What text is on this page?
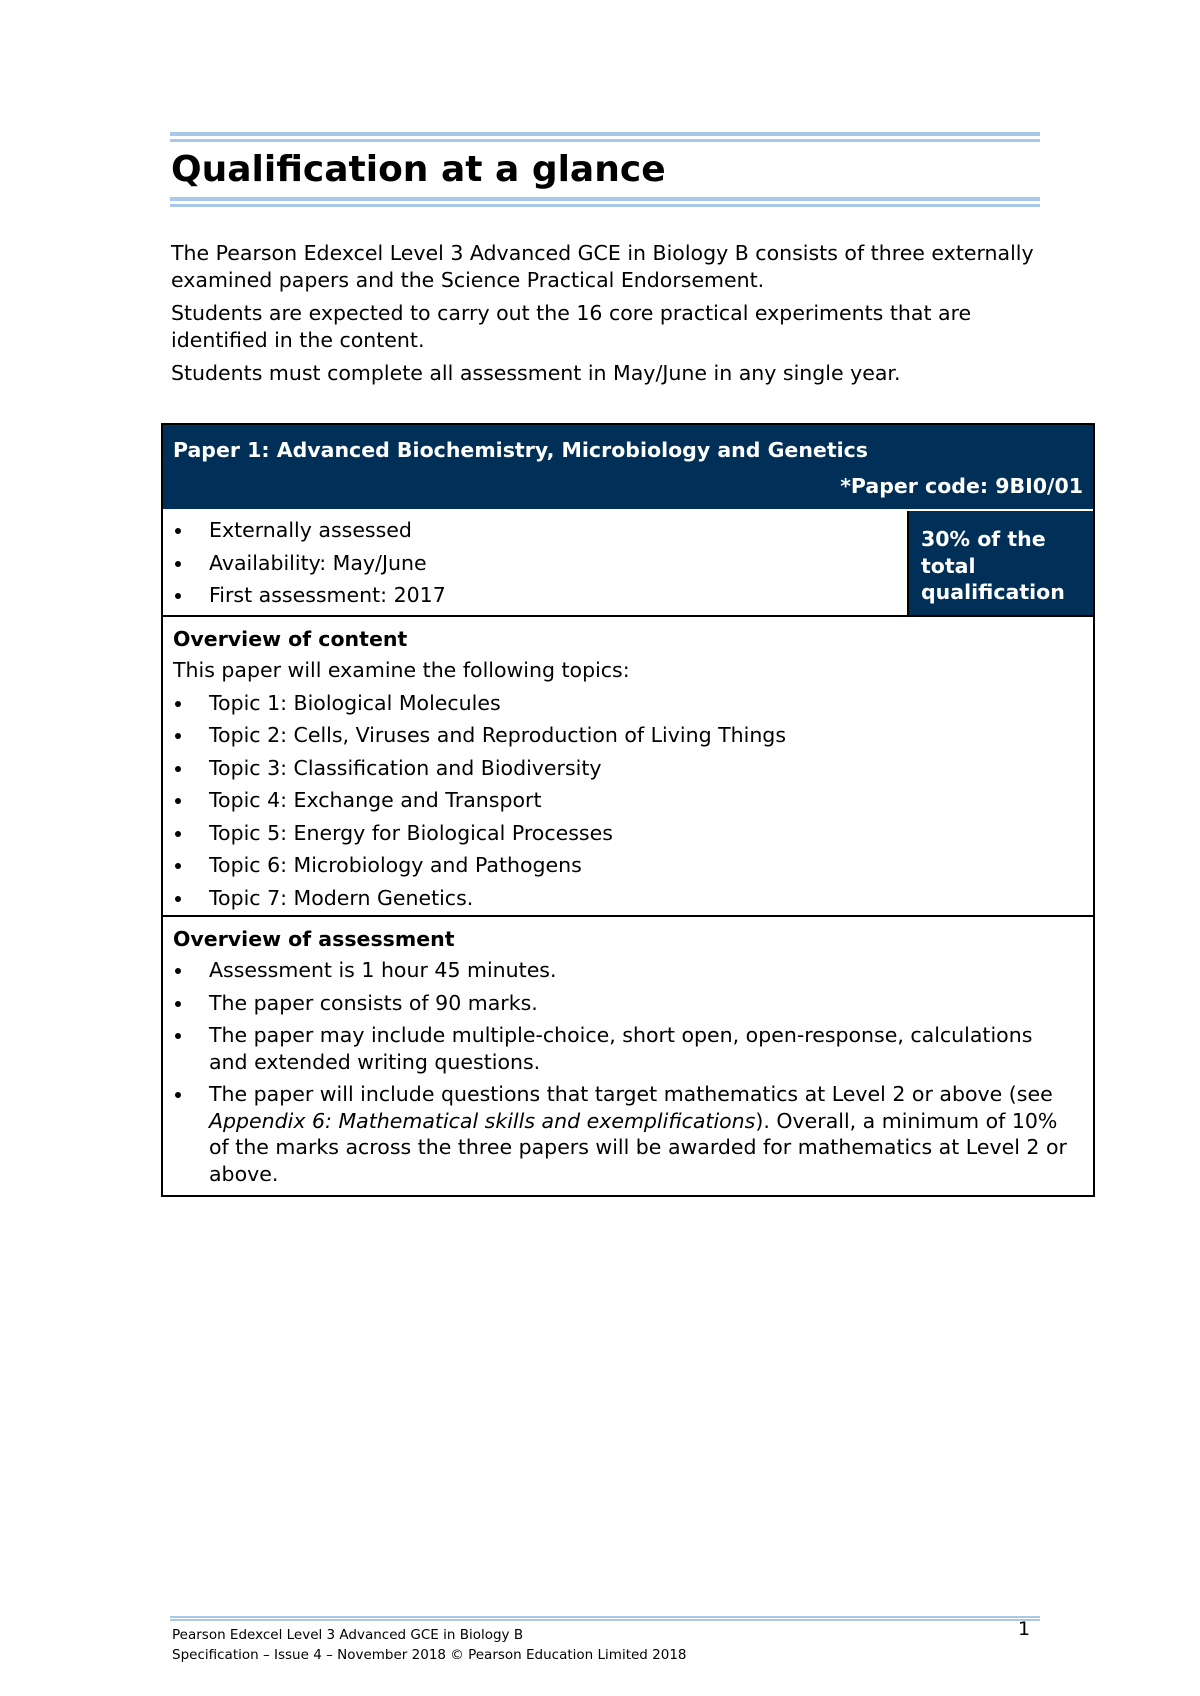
Qualification at a glance

The Pearson Edexcel Level 3 Advanced GCE in Biology B consists of three externally examined papers and the Science Practical Endorsement.

Students are expected to carry out the 16 core practical experiments that are identified in the content.

Students must complete all assessment in May/June in any single year.

Paper 1: Advanced Biochemistry, Microbiology and Genetics
*Paper code: 9BI0/01
Externally assessed
Availability: May/June
First assessment: 2017
30% of the total qualification
Overview of content
This paper will examine the following topics:
Topic 1: Biological Molecules
Topic 2: Cells, Viruses and Reproduction of Living Things
Topic 3: Classification and Biodiversity
Topic 4: Exchange and Transport
Topic 5: Energy for Biological Processes
Topic 6: Microbiology and Pathogens
Topic 7: Modern Genetics.
Overview of assessment
Assessment is 1 hour 45 minutes.
The paper consists of 90 marks.
The paper may include multiple-choice, short open, open-response, calculations and extended writing questions.
The paper will include questions that target mathematics at Level 2 or above (see Appendix 6: Mathematical skills and exemplifications). Overall, a minimum of 10% of the marks across the three papers will be awarded for mathematics at Level 2 or above.
Pearson Edexcel Level 3 Advanced GCE in Biology B
Specification – Issue 4 – November 2018 © Pearson Education Limited 2018
1
